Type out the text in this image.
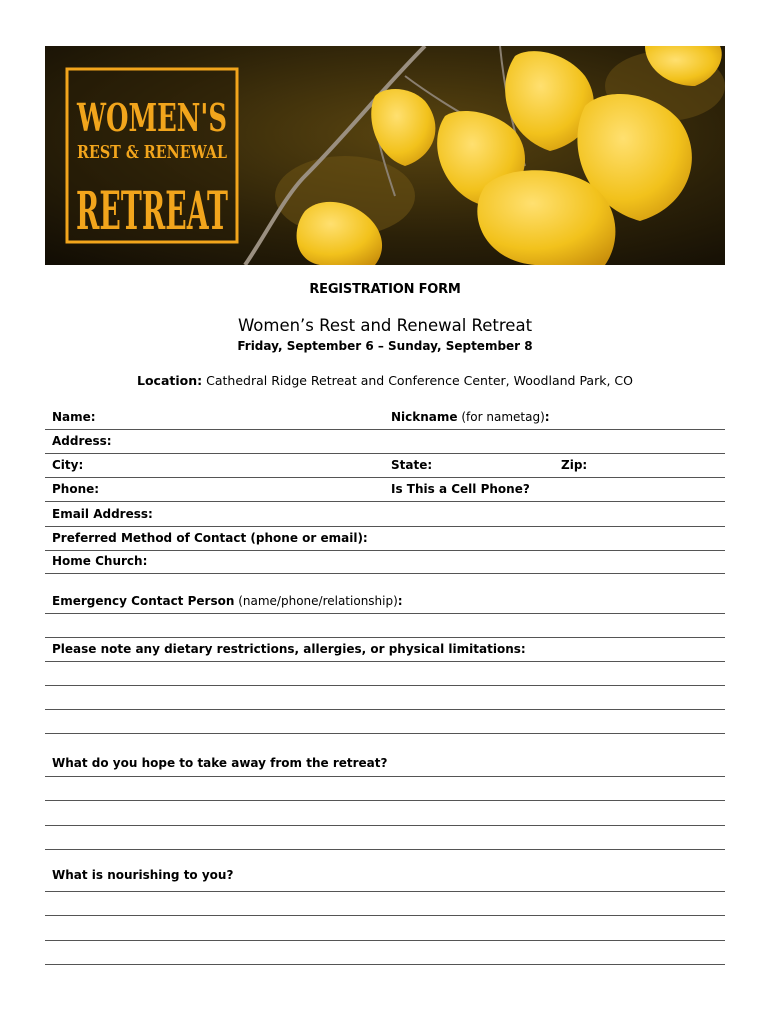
WOMEN'S
REST & RENEWAL
RETREAT
REGISTRATION FORM
Women’s Rest and Renewal Retreat
Friday, September 6 – Sunday, September 8
Location: Cathedral Ridge Retreat and Conference Center, Woodland Park, CO
Name:	Nickname (for nametag):
Address:
City:	State:	Zip:
Phone:	Is This a Cell Phone?
Email Address:
Preferred Method of Contact (phone or email):
Home Church:
Emergency Contact Person (name/phone/relationship):
Please note any dietary restrictions, allergies, or physical limitations:
What do you hope to take away from the retreat?
What is nourishing to you?
